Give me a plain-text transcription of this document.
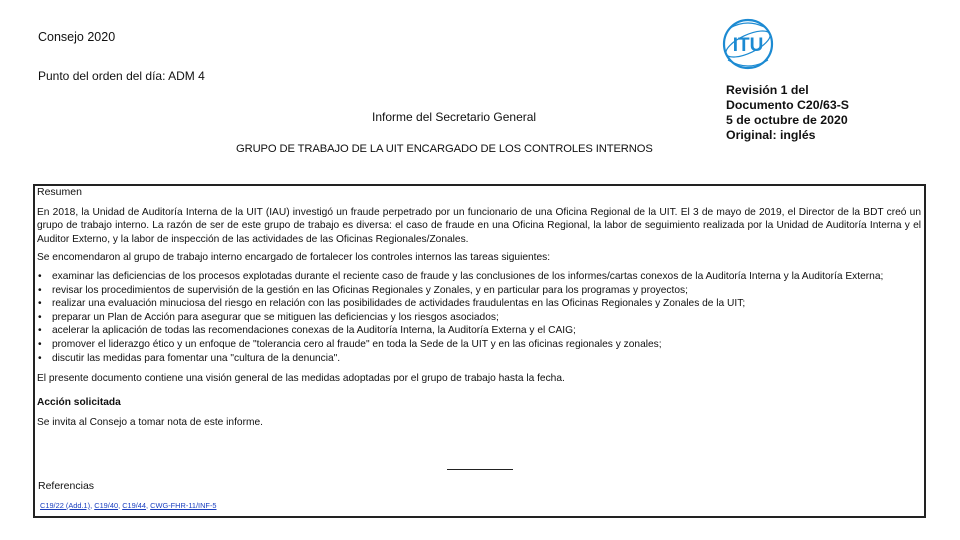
Consejo 2020
Punto del orden del día: ADM 4
Informe del Secretario General
GRUPO DE TRABAJO DE LA UIT ENCARGADO DE LOS CONTROLES INTERNOS
ITU
Revisión 1 del
Documento C20/63-S
5 de octubre de 2020
Original: inglés

Resumen

En 2018, la Unidad de Auditoría Interna de la UIT (IAU) investigó un fraude perpetrado por un funcionario de una Oficina Regional de la UIT. El 3 de mayo de 2019, el Director de la BDT creó un grupo de trabajo interno. La razón de ser de este grupo de trabajo es diversa: el caso de fraude en una Oficina Regional, la labor de seguimiento realizada por la Unidad de Auditoría Interna y el Auditor Externo, y la labor de inspección de las actividades de las Oficinas Regionales/Zonales.

Se encomendaron al grupo de trabajo interno encargado de fortalecer los controles internos las tareas siguientes:

• examinar las deficiencias de los procesos explotadas durante el reciente caso de fraude y las conclusiones de los informes/cartas conexos de la Auditoría Interna y la Auditoría Externa;
• revisar los procedimientos de supervisión de la gestión en las Oficinas Regionales y Zonales, y en particular para los programas y proyectos;
• realizar una evaluación minuciosa del riesgo en relación con las posibilidades de actividades fraudulentas en las Oficinas Regionales y Zonales de la UIT;
• preparar un Plan de Acción para asegurar que se mitiguen las deficiencias y los riesgos asociados;
• acelerar la aplicación de todas las recomendaciones conexas de la Auditoría Interna, la Auditoría Externa y el CAIG;
• promover el liderazgo ético y un enfoque de "tolerancia cero al fraude" en toda la Sede de la UIT y en las oficinas regionales y zonales;
• discutir las medidas para fomentar una "cultura de la denuncia".

El presente documento contiene una visión general de las medidas adoptadas por el grupo de trabajo hasta la fecha.

Acción solicitada

Se invita al Consejo a tomar nota de este informe.

Referencias
C19/22 (Add.1), C19/40, C19/44, CWG-FHR-11/INF-5
